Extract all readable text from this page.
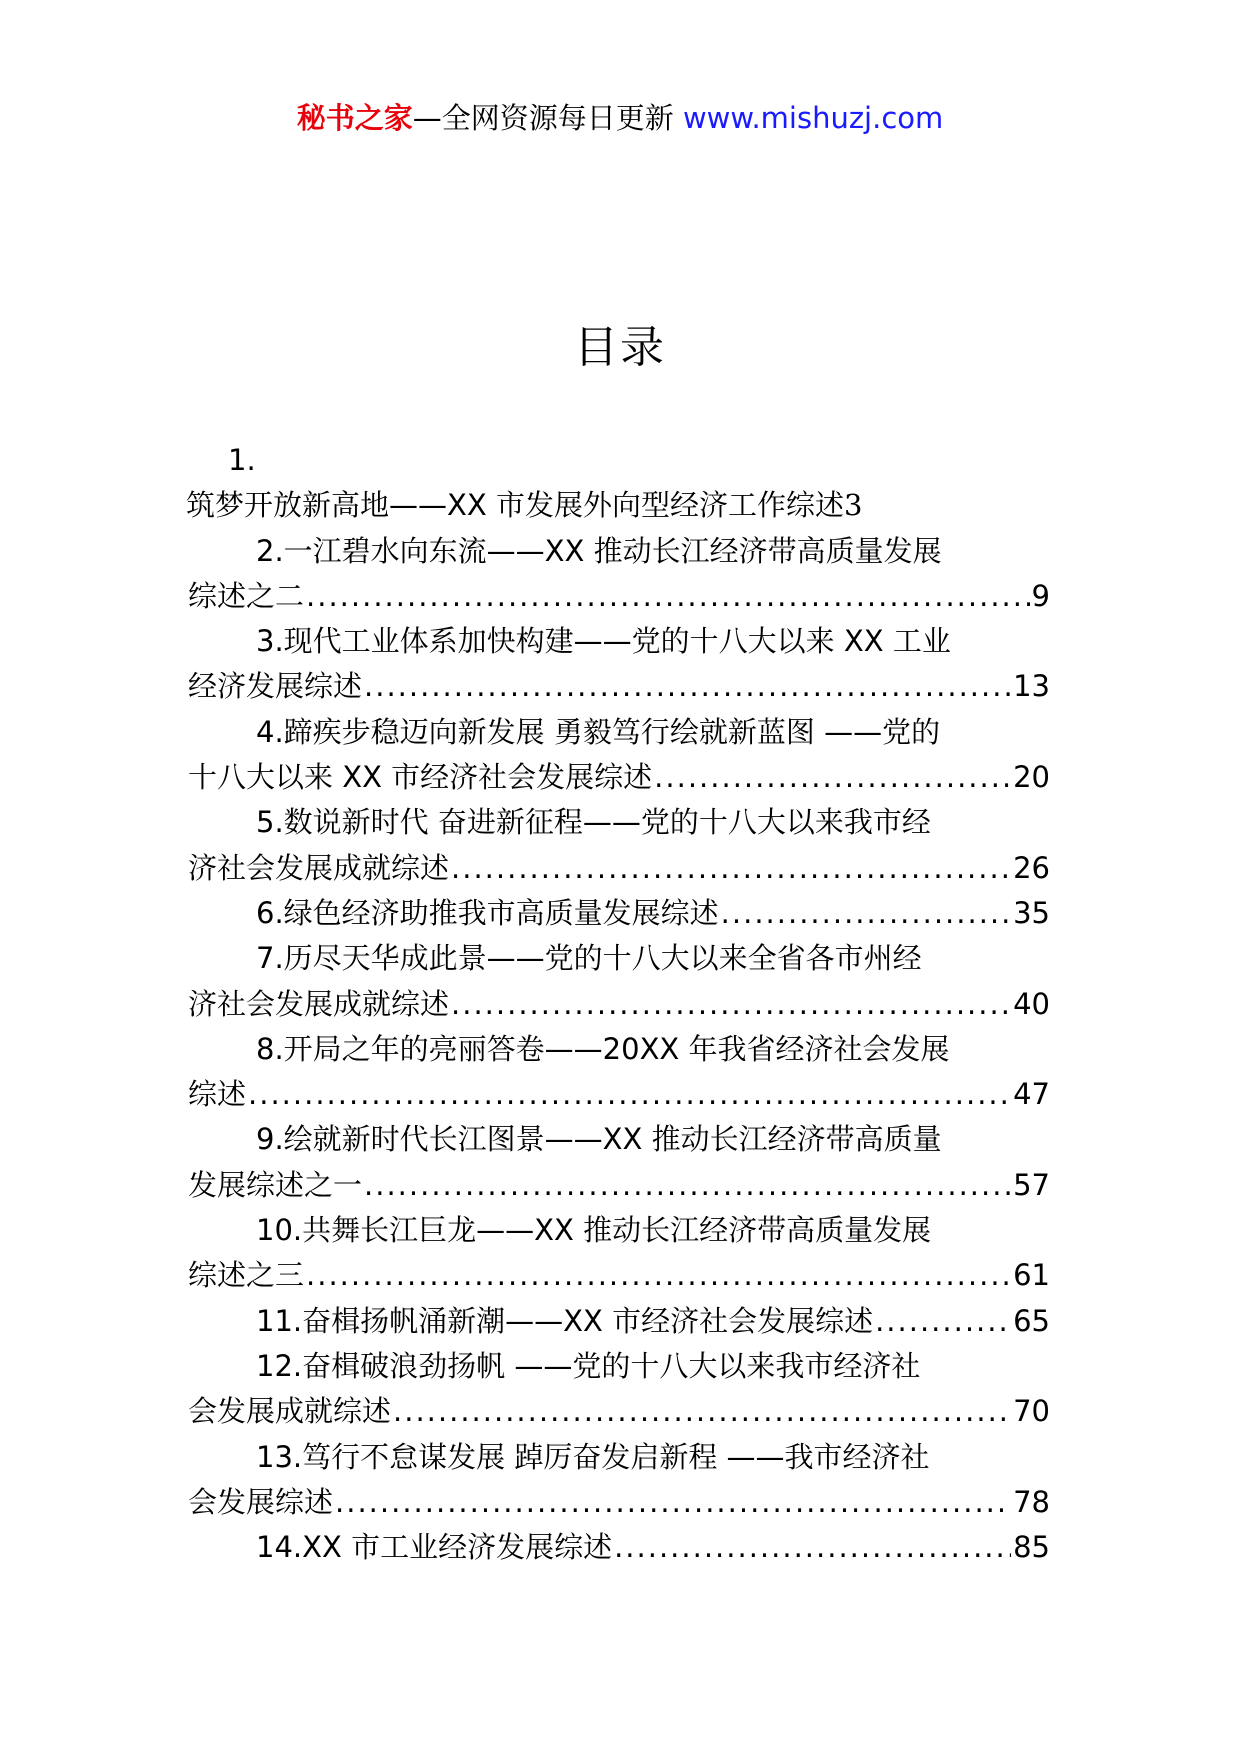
秘书之家—全网资源每日更新 www.mishuzj.com
目录
1.
筑梦开放新高地——XX 市发展外向型经济工作综述 3
2.一江碧水向东流——XX 推动长江经济带高质量发展
综述之二 .....	9
3.现代工业体系加快构建——党的十八大以来 XX 工业
经济发展综述 .....	13
4.蹄疾步稳迈向新发展 勇毅笃行绘就新蓝图 ——党的
十八大以来 XX 市经济社会发展综述 .....	20
5.数说新时代 奋进新征程——党的十八大以来我市经
济社会发展成就综述 .....	26
6.绿色经济助推我市高质量发展综述 .....	35
7.历尽天华成此景——党的十八大以来全省各市州经
济社会发展成就综述 .....	40
8.开局之年的亮丽答卷——20XX 年我省经济社会发展
综述 .....	47
9.绘就新时代长江图景——XX 推动长江经济带高质量
发展综述之一 .....	57
10.共舞长江巨龙——XX 推动长江经济带高质量发展
综述之三 .....	61
11.奋楫扬帆涌新潮——XX 市经济社会发展综述 .....	65
12.奋楫破浪劲扬帆 ——党的十八大以来我市经济社
会发展成就综述 .....	70
13.笃行不怠谋发展 踔厉奋发启新程 ——我市经济社
会发展综述 .....	78
14.XX 市工业经济发展综述 .....	85
